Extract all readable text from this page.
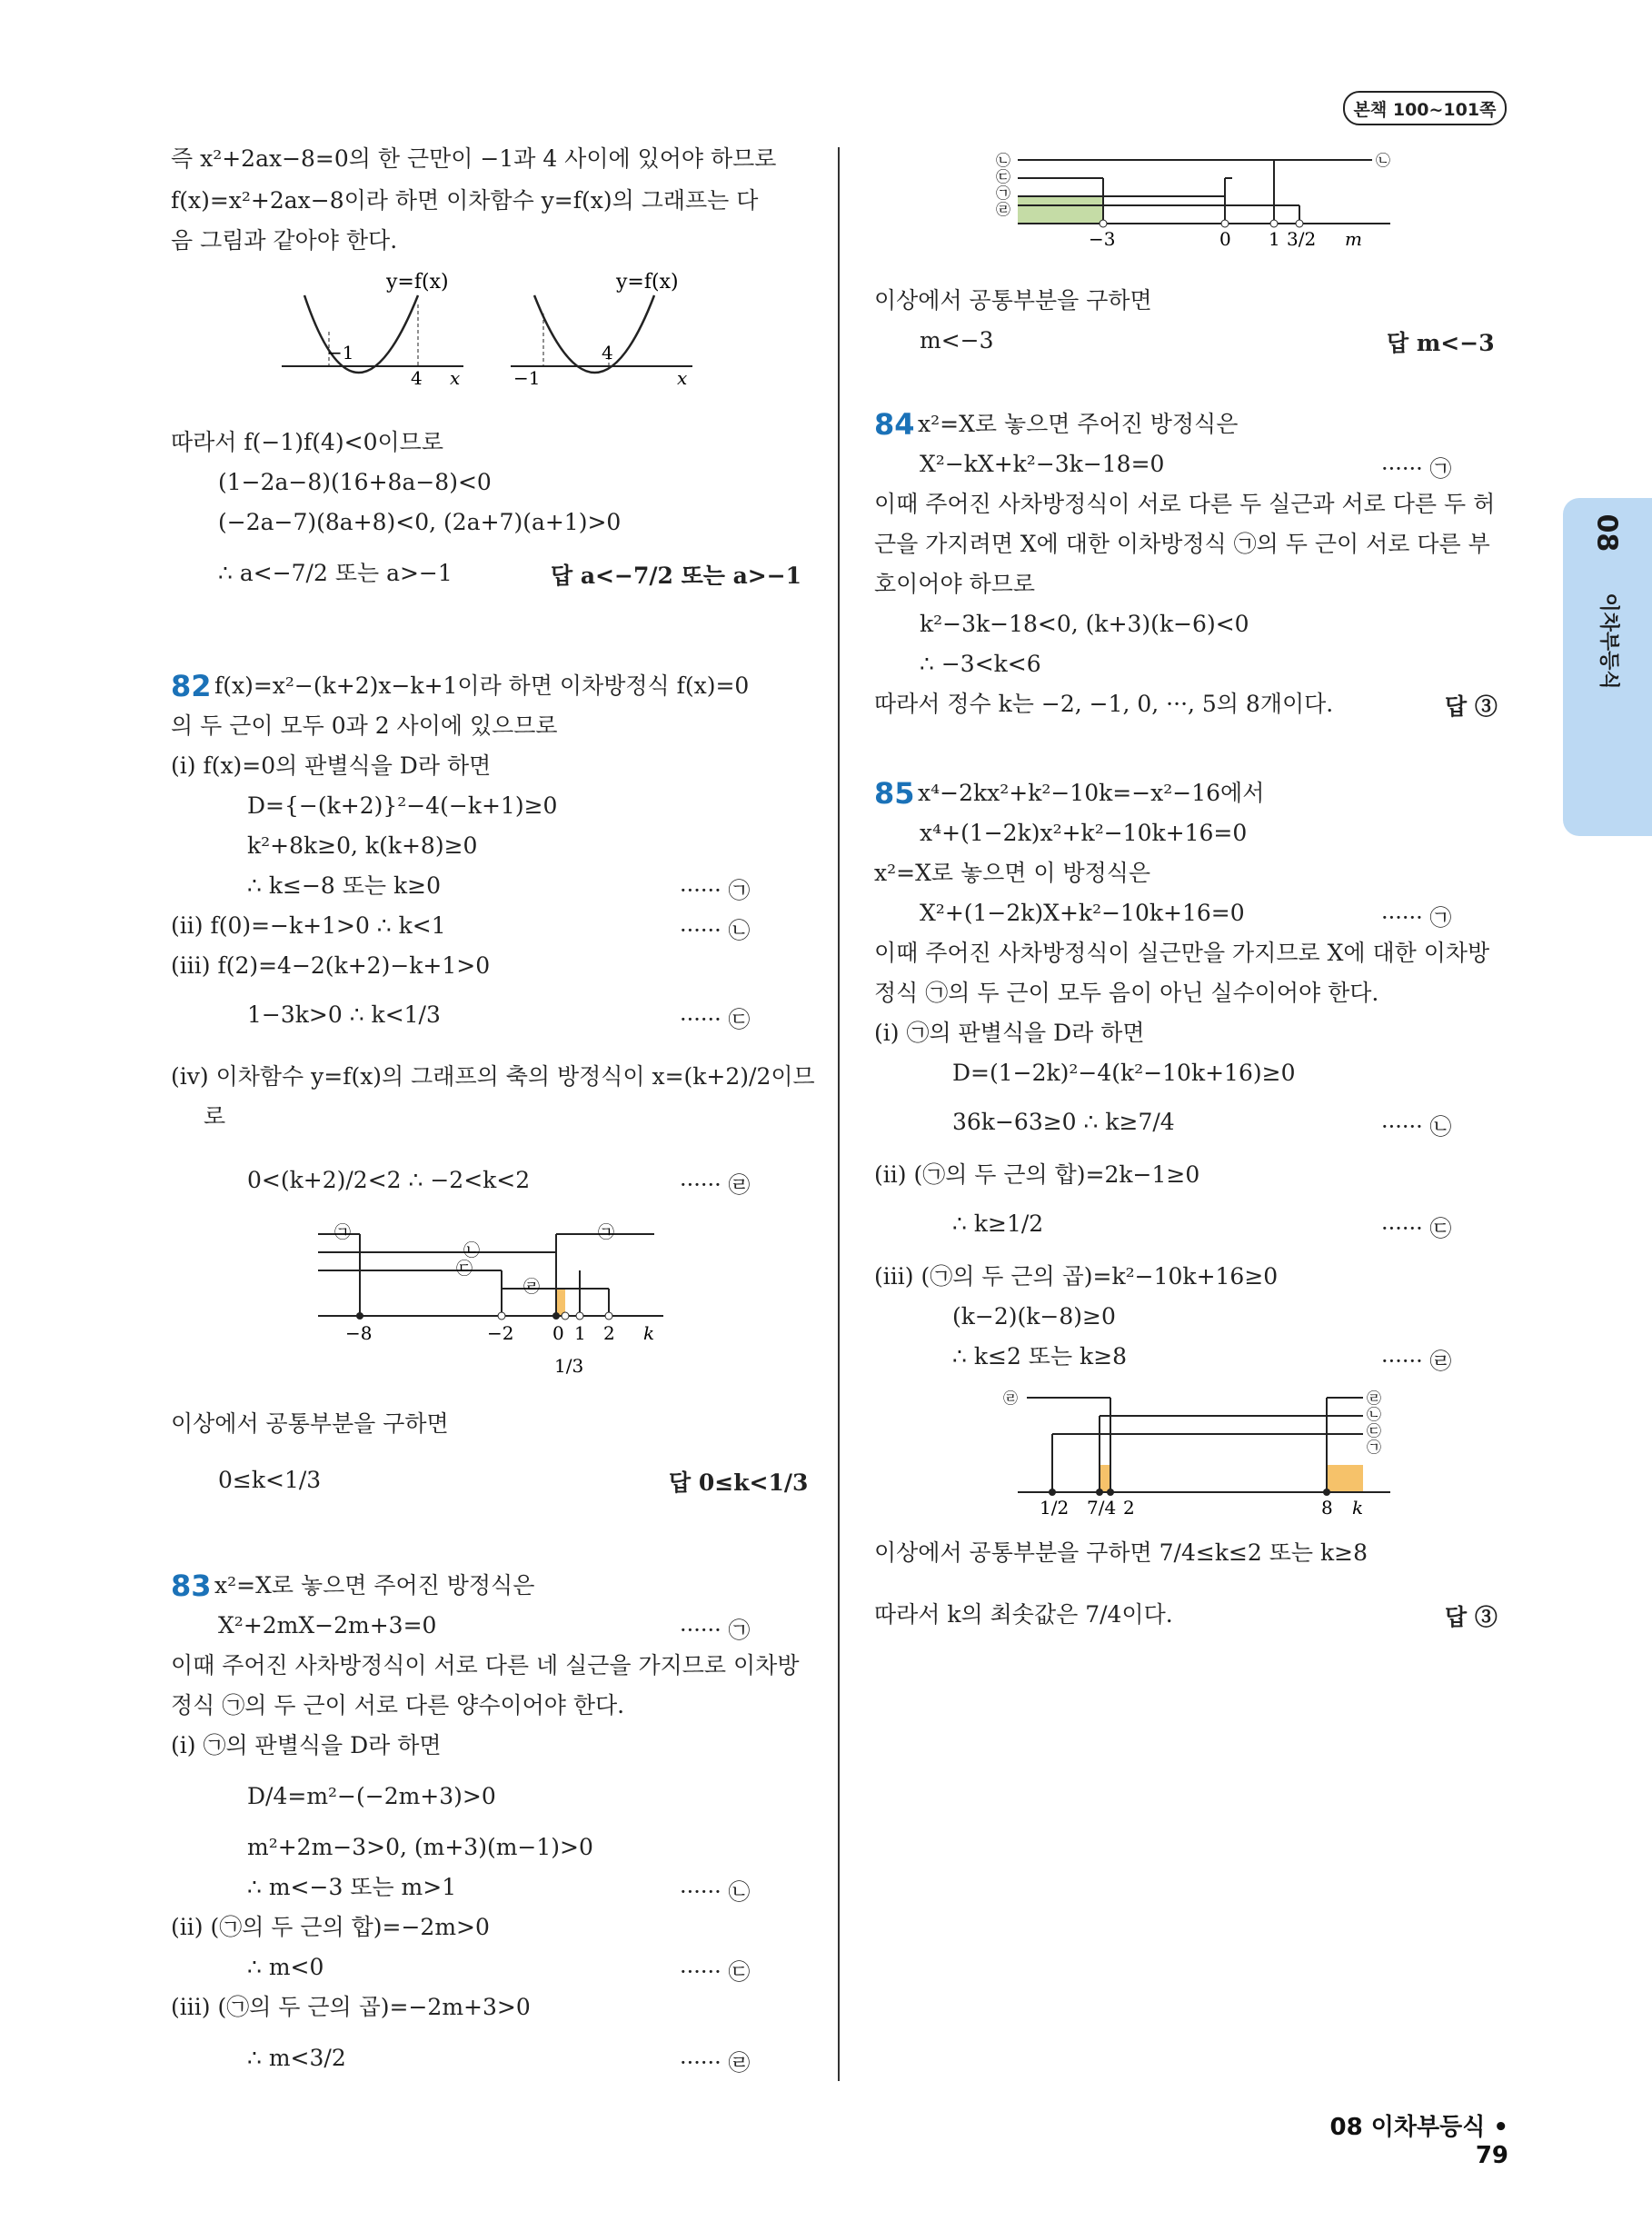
본책 100~101쪽
08
이차부등식
즉 x²+2ax−8=0의 한 근만이 −1과 4 사이에 있어야 하므로
f(x)=x²+2ax−8이라 하면 이차함수 y=f(x)의 그래프는 다
음 그림과 같아야 한다.
y=f(x)
−1
4 x
y=f(x)
−1
4
x
따라서 f(−1)f(4)<0이므로
(1−2a−8)(16+8a−8)<0
(−2a−7)(8a+8)<0, (2a+7)(a+1)>0
∴ a<−7/2 또는 a>−1	답 a<−7/2 또는 a>−1
82 f(x)=x²−(k+2)x−k+1이라 하면 이차방정식 f(x)=0
의 두 근이 모두 0과 2 사이에 있으므로
(ⅰ) f(x)=0의 판별식을 D라 하면
D={−(k+2)}²−4(−k+1)≥0
k²+8k≥0, k(k+8)≥0
∴ k≤−8 또는 k≥0	······ ㉠
(ⅱ) f(0)=−k+1>0 ∴ k<1	······ ㉡
(ⅲ) f(2)=4−2(k+2)−k+1>0
1−3k>0 ∴ k<1/3	······ ㉢
(ⅳ) 이차함수 y=f(x)의 그래프의 축의 방정식이 x=(k+2)/2이므
로
0<(k+2)/2<2 ∴ −2<k<2	······ ㉣
㉠	㉠
㉡
㉢
㉣
−8	−2 0 1 2 k
1/3
이상에서 공통부분을 구하면
0≤k<1/3	답 0≤k<1/3
83 x²=X로 놓으면 주어진 방정식은
X²+2mX−2m+3=0	······ ㉠
이때 주어진 사차방정식이 서로 다른 네 실근을 가지므로 이차방
정식 ㉠의 두 근이 서로 다른 양수이어야 한다.
(ⅰ) ㉠의 판별식을 D라 하면
D/4=m²−(−2m+3)>0
m²+2m−3>0, (m+3)(m−1)>0
∴ m<−3 또는 m>1	······ ㉡
(ⅱ) (㉠의 두 근의 합)=−2m>0
∴ m<0	······ ㉢
(ⅲ) (㉠의 두 근의 곱)=−2m+3>0
∴ m<3/2	······ ㉣
㉡
㉢
㉠
㉣
㉡
−3	0 1 3/2 m
이상에서 공통부분을 구하면
m<−3	답 m<−3
84 x²=X로 놓으면 주어진 방정식은
X²−kX+k²−3k−18=0	······ ㉠
이때 주어진 사차방정식이 서로 다른 두 실근과 서로 다른 두 허
근을 가지려면 X에 대한 이차방정식 ㉠의 두 근이 서로 다른 부
호이어야 하므로
k²−3k−18<0, (k+3)(k−6)<0
∴ −3<k<6
따라서 정수 k는 −2, −1, 0, ···, 5의 8개이다.	답 ③
85 x⁴−2kx²+k²−10k=−x²−16에서
x⁴+(1−2k)x²+k²−10k+16=0
x²=X로 놓으면 이 방정식은
X²+(1−2k)X+k²−10k+16=0	······ ㉠
이때 주어진 사차방정식이 실근만을 가지므로 X에 대한 이차방
정식 ㉠의 두 근이 모두 음이 아닌 실수이어야 한다.
(ⅰ) ㉠의 판별식을 D라 하면
D=(1−2k)²−4(k²−10k+16)≥0
36k−63≥0 ∴ k≥7/4	······ ㉡
(ⅱ) (㉠의 두 근의 합)=2k−1≥0
∴ k≥1/2	······ ㉢
(ⅲ) (㉠의 두 근의 곱)=k²−10k+16≥0
(k−2)(k−8)≥0
∴ k≤2 또는 k≥8	······ ㉣
㉣	㉣
㉡
㉢
㉠
1/2 7/4 2	8 k
이상에서 공통부분을 구하면 7/4≤k≤2 또는 k≥8
따라서 k의 최솟값은 7/4이다.	답 ③
08 이차부등식 • 79
